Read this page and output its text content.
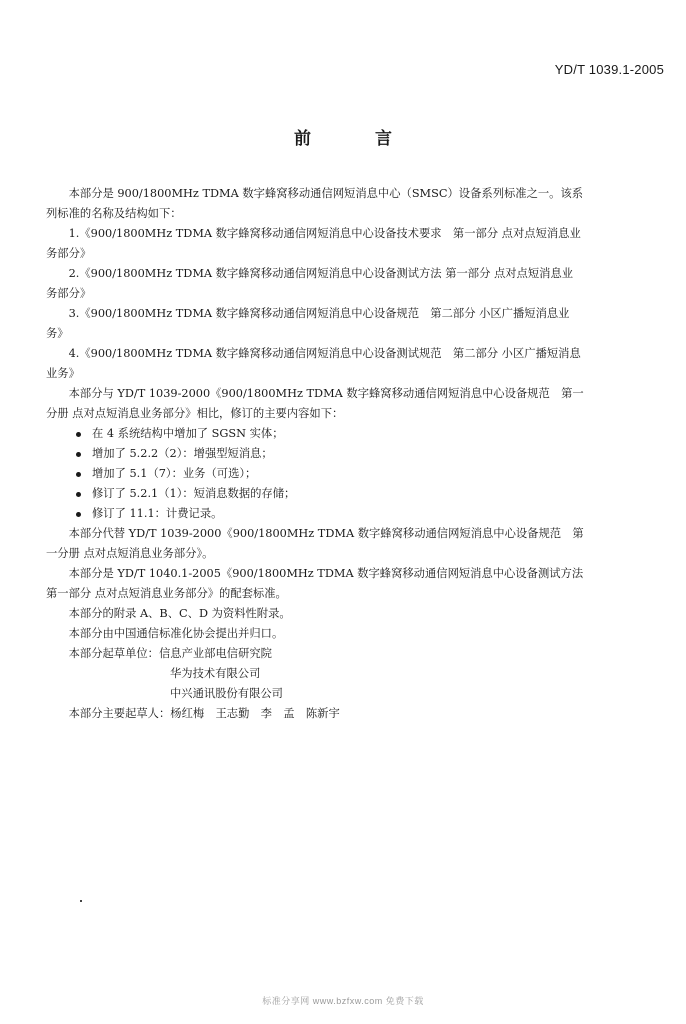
YD/T 1039.1-2005
前	言
本部分是 900/1800MHz TDMA 数字蜂窝移动通信网短消息中心（SMSC）设备系列标准之一。该系
列标准的名称及结构如下：
1.《900/1800MHz TDMA 数字蜂窝移动通信网短消息中心设备技术要求　第一部分 点对点短消息业
务部分》
2.《900/1800MHz TDMA 数字蜂窝移动通信网短消息中心设备测试方法 第一部分 点对点短消息业
务部分》
3.《900/1800MHz TDMA 数字蜂窝移动通信网短消息中心设备规范　第二部分 小区广播短消息业
务》
4.《900/1800MHz TDMA 数字蜂窝移动通信网短消息中心设备测试规范　第二部分 小区广播短消息
业务》
本部分与 YD/T 1039-2000《900/1800MHz TDMA 数字蜂窝移动通信网短消息中心设备规范　第一
分册 点对点短消息业务部分》相比，修订的主要内容如下：
在 4 系统结构中增加了 SGSN 实体；
增加了 5.2.2（2）：增强型短消息；
增加了 5.1（7）：业务（可选）；
修订了 5.2.1（1）：短消息数据的存储；
修订了 11.1：计费记录。
本部分代替 YD/T 1039-2000《900/1800MHz TDMA 数字蜂窝移动通信网短消息中心设备规范　第
一分册 点对点短消息业务部分》。
本部分是 YD/T 1040.1-2005《900/1800MHz TDMA 数字蜂窝移动通信网短消息中心设备测试方法
第一部分 点对点短消息业务部分》的配套标准。
本部分的附录 A、B、C、D 为资料性附录。
本部分由中国通信标准化协会提出并归口。
本部分起草单位：信息产业部电信研究院
华为技术有限公司
中兴通讯股份有限公司
本部分主要起草人：杨红梅　王志勤　李　孟　陈新宇
标准分享网 www.bzfxw.com 免费下载
